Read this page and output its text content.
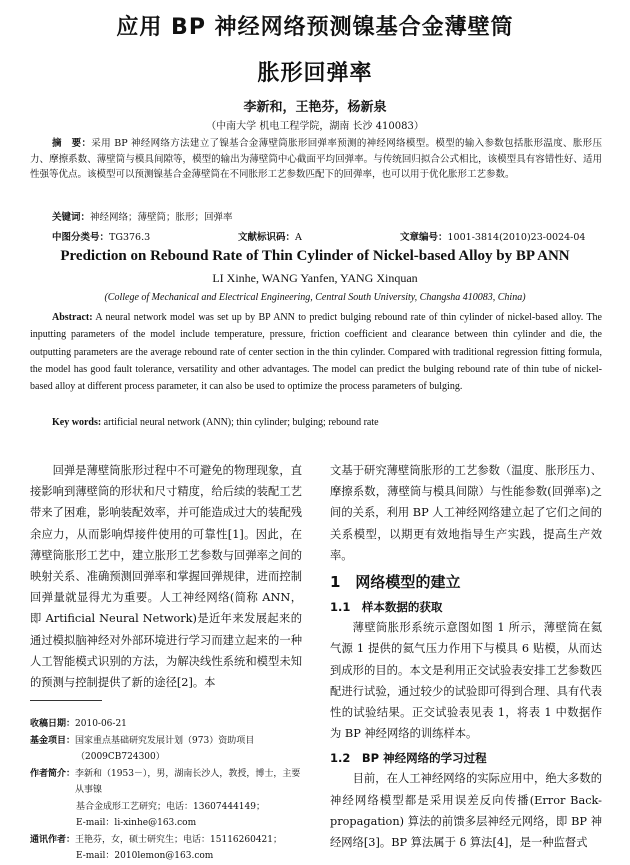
应用 BP 神经网络预测镍基合金薄壁筒
胀形回弹率
李新和，王艳芬，杨新泉
（中南大学 机电工程学院，湖南 长沙 410083）
摘　要：采用 BP 神经网络方法建立了镍基合金薄壁筒胀形回弹率预测的神经网络模型。模型的输入参数包括胀形温度、胀形压力、摩擦系数、薄壁筒与模具间隙等，模型的输出为薄壁筒中心截面平均回弹率。与传统回归拟合公式相比，该模型具有容错性好、适用性强等优点。该模型可以预测镍基合金薄壁筒在不同胀形工艺参数匹配下的回弹率，也可以用于优化胀形工艺参数。
关键词：神经网络；薄壁筒；胀形；回弹率
中图分类号：TG376.3	文献标识码：A	文章编号：1001-3814(2010)23-0024-04
Prediction on Rebound Rate of Thin Cylinder of Nickel-based Alloy by BP ANN
LI Xinhe, WANG Yanfen, YANG Xinquan
(College of Mechanical and Electrical Engineering, Central South University, Changsha 410083, China)
Abstract: A neural network model was set up by BP ANN to predict bulging rebound rate of thin cylinder of nickel-based alloy. The inputting parameters of the model include temperature, pressure, friction coefficient and clearance between thin cylinder and die, the outputting parameters are the average rebound rate of center section in the thin cylinder. Compared with traditional regression fitting formula, the model has good fault tolerance, versatility and other advantages. The model can predict the bulging rebound rate of thin tube of nickel-based alloy at different process parameter, it can also be used to optimize the process parameters of bulging.
Key words: artificial neural network (ANN); thin cylinder; bulging; rebound rate

回弹是薄壁筒胀形过程中不可避免的物理现象，直接影响到薄壁筒的形状和尺寸精度，给后续的装配工艺带来了困难，影响装配效率，并可能造成过大的装配残余应力，从而影响焊接件使用的可靠性[1]。因此，在薄壁筒胀形工艺中，建立胀形工艺参数与回弹率之间的映射关系、准确预测回弹率和掌握回弹规律，进而控制回弹量就显得尤为重要。人工神经网络(简称 ANN，即 Artificial Neural Network)是近年来发展起来的通过模拟脑神经对外部环境进行学习而建立起来的一种人工智能模式识别的方法，为解决线性系统和模型未知的预测与控制提供了新的途径[2]。本

收稿日期： 2010-06-21
基金项目： 国家重点基础研究发展计划（973）资助项目
（2009CB724300）
作者简介： 李新和（1953－），男，湖南长沙人，教授，博士，主要从事镍
基合金成形工艺研究；电话：13607444149；
E-mail：li-xinhe@163.com
通讯作者： 王艳芬，女，硕士研究生；电话：15116260421；
E-mail：2010lemon@163.com

文基于研究薄壁筒胀形的工艺参数（温度、胀形压力、摩擦系数，薄壁筒与模具间隙）与性能参数(回弹率)之间的关系，利用 BP 人工神经网络建立起了它们之间的关系模型，以期更有效地指导生产实践，提高生产效率。

1　网络模型的建立
1.1　样本数据的获取

薄壁筒胀形系统示意图如图 1 所示，薄壁筒在氦气源 1 提供的氦气压力作用下与模具 6 贴模，从而达到成形的目的。本文是利用正交试验表安排工艺参数匹配进行试验，通过较少的试验即可得到合理、具有代表性的试验结果。正交试验表见表 1，将表 1 中数据作为 BP 神经网络的训练样本。

1.2　BP 神经网络的学习过程

目前，在人工神经网络的实际应用中，绝大多数的神经网络模型都是采用误差反向传播(Error Back-propagation) 算法的前馈多层神经元网络，即 BP 神经网络[3]。BP 算法属于 δ 算法[4]，是一种监督式
